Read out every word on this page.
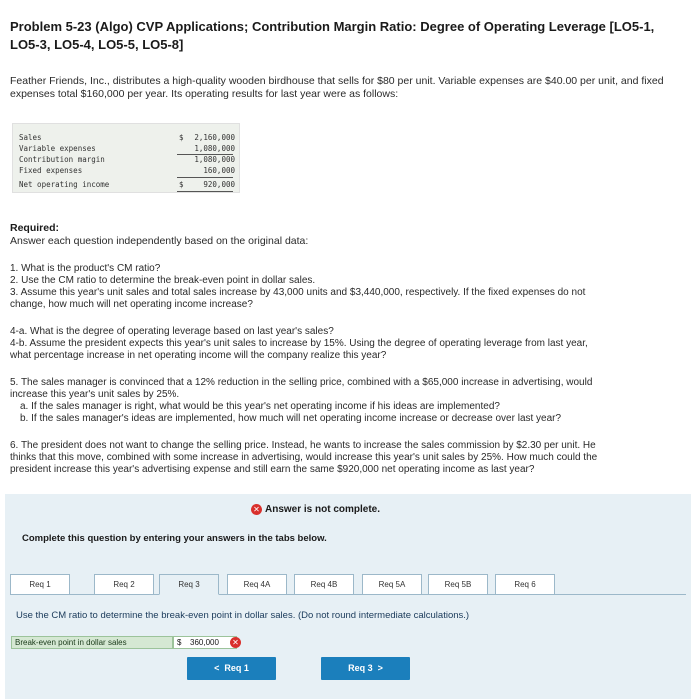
Problem 5-23 (Algo) CVP Applications; Contribution Margin Ratio: Degree of Operating Leverage [LO5-1, LO5-3, LO5-4, LO5-5, LO5-8]
Feather Friends, Inc., distributes a high-quality wooden birdhouse that sells for $80 per unit. Variable expenses are $40.00 per unit, and fixed expenses total $160,000 per year. Its operating results for last year were as follows:
Sales	$ 2,160,000
Variable expenses	1,080,000
Contribution margin	1,080,000
Fixed expenses	160,000
Net operating income	$	920,000
Required:
Answer each question independently based on the original data:
1. What is the product's CM ratio?
2. Use the CM ratio to determine the break-even point in dollar sales.
3. Assume this year's unit sales and total sales increase by 43,000 units and $3,440,000, respectively. If the fixed expenses do not
change, how much will net operating income increase?
4-a. What is the degree of operating leverage based on last year's sales?
4-b. Assume the president expects this year's unit sales to increase by 15%. Using the degree of operating leverage from last year,
what percentage increase in net operating income will the company realize this year?
5. The sales manager is convinced that a 12% reduction in the selling price, combined with a $65,000 increase in advertising, would
increase this year's unit sales by 25%.
a. If the sales manager is right, what would be this year's net operating income if his ideas are implemented?
b. If the sales manager's ideas are implemented, how much will net operating income increase or decrease over last year?
6. The president does not want to change the selling price. Instead, he wants to increase the sales commission by $2.30 per unit. He
thinks that this move, combined with some increase in advertising, would increase this year's unit sales by 25%. How much could the
president increase this year's advertising expense and still earn the same $920,000 net operating income as last year?
✕ Answer is not complete.
Complete this question by entering your answers in the tabs below.
Req 1	Req 2	Req 3	Req 4A	Req 4B	Req 5A	Req 5B	Req 6
Use the CM ratio to determine the break-even point in dollar sales. (Do not round intermediate calculations.)
Break-even point in dollar sales	$ 360,000 ✕
< Req 1	Req 3 >
